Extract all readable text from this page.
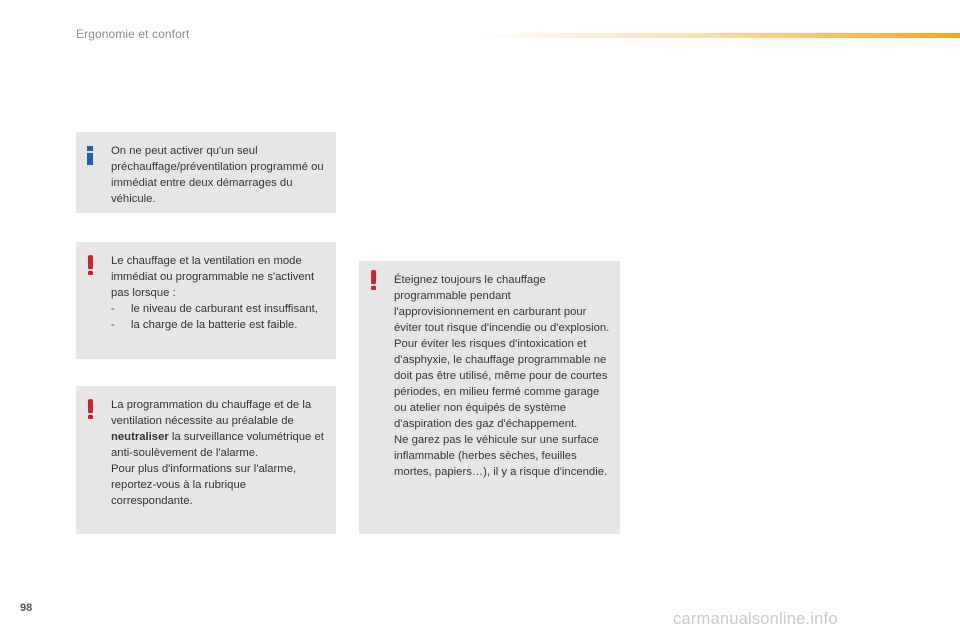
Ergonomie et confort

On ne peut activer qu'un seul préchauffage/préventilation programmé ou immédiat entre deux démarrages du véhicule.

Le chauffage et la ventilation en mode immédiat ou programmable ne s'activent pas lorsque :

-	le niveau de carburant est insuffisant,
-	la charge de la batterie est faible.

La programmation du chauffage et de la ventilation nécessite au préalable de neutraliser la surveillance volumétrique et anti-soulèvement de l'alarme.

Pour plus d'informations sur l'alarme, reportez-vous à la rubrique correspondante.

Éteignez toujours le chauffage programmable pendant l'approvisionnement en carburant pour éviter tout risque d'incendie ou d'explosion.

Pour éviter les risques d'intoxication et d'asphyxie, le chauffage programmable ne doit pas être utilisé, même pour de courtes périodes, en milieu fermé comme garage ou atelier non équipés de système d'aspiration des gaz d'échappement.

Ne garez pas le véhicule sur une surface inflammable (herbes sèches, feuilles mortes, papiers…), il y a risque d'incendie.

98
carmanualsonline.info
